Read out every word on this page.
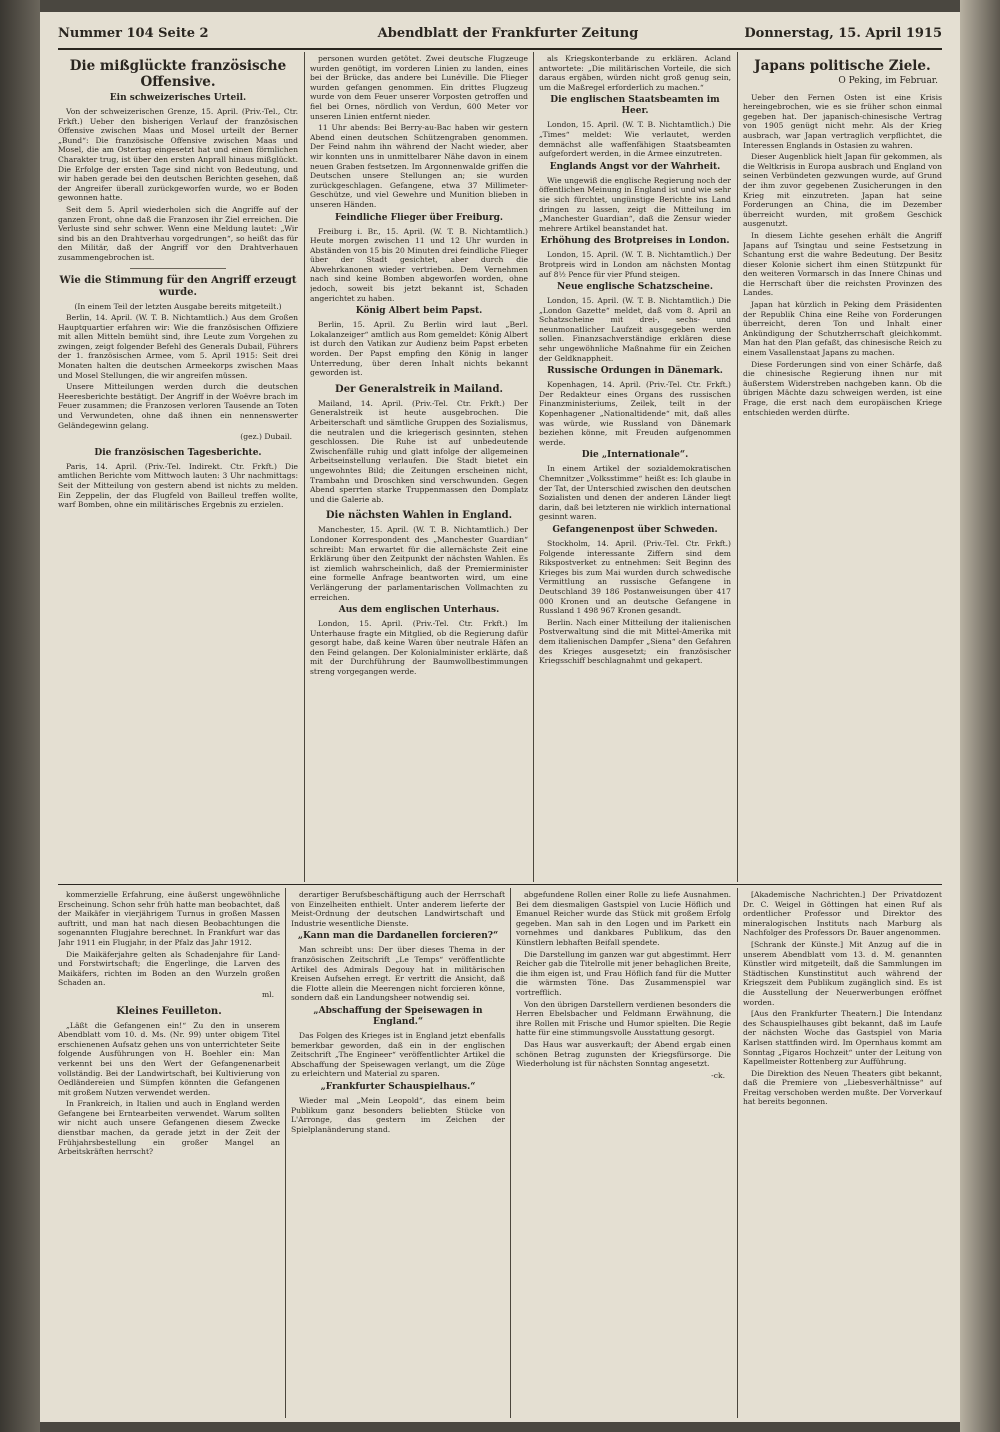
Nummer 104 Seite 2	Abendblatt der Frankfurter Zeitung	Donnerstag, 15. April 1915
Die mißglückte französische Offensive.
Ein schweizerisches Urteil.

Von der schweizerischen Grenze, 15. April. (Priv.-Tel., Ctr. Frkft.) Ueber den bisherigen Verlauf der französischen Offensive zwischen Maas und Mosel urteilt der Berner „Bund“: Die französische Offensive zwischen Maas und Mosel, die am Ostertag eingesetzt hat und einen förmlichen Charakter trug, ist über den ersten Anprall hinaus mißglückt. Die Erfolge der ersten Tage sind nicht von Bedeutung, und wir haben gerade bei den deutschen Berichten gesehen, daß der Angreifer überall zurückgeworfen wurde, wo er Boden gewonnen hatte.

Seit dem 5. April wiederholen sich die Angriffe auf der ganzen Front, ohne daß die Franzosen ihr Ziel erreichen. Die Verluste sind sehr schwer. Wenn eine Meldung lautet: „Wir sind bis an den Drahtverhau vorgedrungen“, so heißt das für den Militär, daß der Angriff vor den Drahtverhauen zusammengebrochen ist.

Wie die Stimmung für den Angriff erzeugt wurde.

(In einem Teil der letzten Ausgabe bereits mitgeteilt.)

Berlin, 14. April. (W. T. B. Nichtamtlich.) Aus dem Großen Hauptquartier erfahren wir: Wie die französischen Offiziere mit allen Mitteln bemüht sind, ihre Leute zum Vorgehen zu zwingen, zeigt folgender Befehl des Generals Dubail, Führers der 1. französischen Armee, vom 5. April 1915: Seit drei Monaten halten die deutschen Armeekorps zwischen Maas und Mosel Stellungen, die wir angreifen müssen.

Unsere Mitteilungen werden durch die deutschen Heeresberichte bestätigt. Der Angriff in der Woëvre brach im Feuer zusammen; die Franzosen verloren Tausende an Toten und Verwundeten, ohne daß ihnen ein nennenswerter Geländegewinn gelang.

(gez.) Dubail.
Die französischen Tagesberichte.

Paris, 14. April. (Priv.-Tel. Indirekt. Ctr. Frkft.) Die amtlichen Berichte vom Mittwoch lauten: 3 Uhr nachmittags: Seit der Mitteilung von gestern abend ist nichts zu melden. Ein Zeppelin, der das Flugfeld von Bailleul treffen wollte, warf Bomben, ohne ein militärisches Ergebnis zu erzielen.

personen wurden getötet. Zwei deutsche Flugzeuge wurden genötigt, im vorderen Linien zu landen, eines bei der Brücke, das andere bei Lunéville. Die Flieger wurden gefangen genommen. Ein drittes Flugzeug wurde von dem Feuer unserer Vorposten getroffen und fiel bei Ornes, nördlich von Verdun, 600 Meter vor unseren Linien entfernt nieder.

11 Uhr abends: Bei Berry-au-Bac haben wir gestern Abend einen deutschen Schützengraben genommen. Der Feind nahm ihn während der Nacht wieder, aber wir konnten uns in unmittelbarer Nähe davon in einem neuen Graben festsetzen. Im Argonnenwalde griffen die Deutschen unsere Stellungen an; sie wurden zurückgeschlagen. Gefangene, etwa 37 Millimeter-Geschütze, und viel Gewehre und Munition blieben in unseren Händen.

Feindliche Flieger über Freiburg.

Freiburg i. Br., 15. April. (W. T. B. Nichtamtlich.) Heute morgen zwischen 11 und 12 Uhr wurden in Abständen von 15 bis 20 Minuten drei feindliche Flieger über der Stadt gesichtet, aber durch die Abwehrkanonen wieder vertrieben. Dem Vernehmen nach sind keine Bomben abgeworfen worden, ohne jedoch, soweit bis jetzt bekannt ist, Schaden angerichtet zu haben.

König Albert beim Papst.

Berlin, 15. April. Zu Berlin wird laut „Berl. Lokalanzeiger“ amtlich aus Rom gemeldet: König Albert ist durch den Vatikan zur Audienz beim Papst erbeten worden. Der Papst empfing den König in langer Unterredung, über deren Inhalt nichts bekannt geworden ist.

Der Generalstreik in Mailand.

Mailand, 14. April. (Priv.-Tel. Ctr. Frkft.) Der Generalstreik ist heute ausgebrochen. Die Arbeiterschaft und sämtliche Gruppen des Sozialismus, die neutralen und die kriegerisch gesinnten, stehen geschlossen. Die Ruhe ist auf unbedeutende Zwischenfälle ruhig und glatt infolge der allgemeinen Arbeitseinstellung verlaufen. Die Stadt bietet ein ungewohntes Bild; die Zeitungen erscheinen nicht, Trambahn und Droschken sind verschwunden. Gegen Abend sperrten starke Truppenmassen den Domplatz und die Galerie ab.

Die nächsten Wahlen in England.

Manchester, 15. April. (W. T. B. Nichtamtlich.) Der Londoner Korrespondent des „Manchester Guardian“ schreibt: Man erwartet für die allernächste Zeit eine Erklärung über den Zeitpunkt der nächsten Wahlen. Es ist ziemlich wahrscheinlich, daß der Premierminister eine formelle Anfrage beantworten wird, um eine Verlängerung der parlamentarischen Vollmachten zu erreichen.

Aus dem englischen Unterhaus.

London, 15. April. (Priv.-Tel. Ctr. Frkft.) Im Unterhause fragte ein Mitglied, ob die Regierung dafür gesorgt habe, daß keine Waren über neutrale Häfen an den Feind gelangen. Der Kolonialminister erklärte, daß mit der Durchführung der Baumwollbestimmungen streng vorgegangen werde.

als Kriegskonterbande zu erklären. Acland antwortete: „Die militärischen Vorteile, die sich daraus ergäben, würden nicht groß genug sein, um die Maßregel erforderlich zu machen.“

Die englischen Staatsbeamten im Heer.

London, 15. April. (W. T. B. Nichtamtlich.) Die „Times“ meldet: Wie verlautet, werden demnächst alle waffenfähigen Staatsbeamten aufgefordert werden, in die Armee einzutreten.

Englands Angst vor der Wahrheit.

Wie ungewiß die englische Regierung noch der öffentlichen Meinung in England ist und wie sehr sie sich fürchtet, ungünstige Berichte ins Land dringen zu lassen, zeigt die Mitteilung im „Manchester Guardian“, daß die Zensur wieder mehrere Artikel beanstandet hat.

Erhöhung des Brotpreises in London.

London, 15. April. (W. T. B. Nichtamtlich.) Der Brotpreis wird in London am nächsten Montag auf 8½ Pence für vier Pfund steigen.

Neue englische Schatzscheine.

London, 15. April. (W. T. B. Nichtamtlich.) Die „London Gazette“ meldet, daß vom 8. April an Schatzscheine mit drei-, sechs- und neunmonatlicher Laufzeit ausgegeben werden sollen. Finanzsachverständige erklären diese sehr ungewöhnliche Maßnahme für ein Zeichen der Geldknappheit.

Russische Ordungen in Dänemark.

Kopenhagen, 14. April. (Priv.-Tel. Ctr. Frkft.) Der Redakteur eines Organs des russischen Finanzministeriums, Zeilek, teilt in der Kopenhagener „Nationaltidende“ mit, daß alles was würde, wie Russland von Dänemark beziehen könne, mit Freuden aufgenommen werde.

Die „Internationale“.

In einem Artikel der sozialdemokratischen Chemnitzer „Volksstimme“ heißt es: Ich glaube in der Tat, der Unterschied zwischen den deutschen Sozialisten und denen der anderen Länder liegt darin, daß bei letzteren nie wirklich international gesinnt waren.

Gefangenenpost über Schweden.

Stockholm, 14. April. (Priv.-Tel. Ctr. Frkft.) Folgende interessante Ziffern sind dem Rikspostverket zu entnehmen: Seit Beginn des Krieges bis zum Mai wurden durch schwedische Vermittlung an russische Gefangene in Deutschland 39 186 Postanweisungen über 417 000 Kronen und an deutsche Gefangene in Russland 1 498 967 Kronen gesandt.

Berlin. Nach einer Mitteilung der italienischen Postverwaltung sind die mit Mittel-Amerika mit dem italienischen Dampfer „Siena“ den Gefahren des Krieges ausgesetzt; ein französischer Kriegsschiff beschlagnahmt und gekapert.

Japans politische Ziele.
O Peking, im Februar.

Ueber den Fernen Osten ist eine Krisis hereingebrochen, wie es sie früher schon einmal gegeben hat. Der japanisch-chinesische Vertrag von 1905 genügt nicht mehr. Als der Krieg ausbrach, war Japan vertraglich verpflichtet, die Interessen Englands in Ostasien zu wahren.

Dieser Augenblick hielt Japan für gekommen, als die Weltkrisis in Europa ausbrach und England von seinen Verbündeten gezwungen wurde, auf Grund der ihm zuvor gegebenen Zusicherungen in den Krieg mit einzutreten. Japan hat seine Forderungen an China, die im Dezember überreicht wurden, mit großem Geschick ausgenutzt.

In diesem Lichte gesehen erhält die Angriff Japans auf Tsingtau und seine Festsetzung in Schantung erst die wahre Bedeutung. Der Besitz dieser Kolonie sichert ihm einen Stützpunkt für den weiteren Vormarsch in das Innere Chinas und die Herrschaft über die reichsten Provinzen des Landes.

Japan hat kürzlich in Peking dem Präsidenten der Republik China eine Reihe von Forderungen überreicht, deren Ton und Inhalt einer Ankündigung der Schutzherrschaft gleichkommt. Man hat den Plan gefaßt, das chinesische Reich zu einem Vasallenstaat Japans zu machen.

Diese Forderungen sind von einer Schärfe, daß die chinesische Regierung ihnen nur mit äußerstem Widerstreben nachgeben kann. Ob die übrigen Mächte dazu schweigen werden, ist eine Frage, die erst nach dem europäischen Kriege entschieden werden dürfte.

kommerzielle Erfahrung, eine äußerst ungewöhnliche Erscheinung. Schon sehr früh hatte man beobachtet, daß der Maikäfer in vierjährigem Turnus in großen Massen auftritt, und man hat nach diesen Beobachtungen die sogenannten Flugjahre berechnet. In Frankfurt war das Jahr 1911 ein Flugjahr, in der Pfalz das Jahr 1912.

Die Maikäferjahre gelten als Schadenjahre für Land- und Forstwirtschaft; die Engerlinge, die Larven des Maikäfers, richten im Boden an den Wurzeln großen Schaden an.

ml.
Kleines Feuilleton.

„Läßt die Gefangenen ein!“ Zu den in unserem Abendblatt vom 10. d. Ms. (Nr. 99) unter obigem Titel erschienenen Aufsatz gehen uns von unterrichteter Seite folgende Ausführungen von H. Boehler ein: Man verkennt bei uns den Wert der Gefangenenarbeit vollständig. Bei der Landwirtschaft, bei Kultivierung von Oedländereien und Sümpfen könnten die Gefangenen mit großem Nutzen verwendet werden.

In Frankreich, in Italien und auch in England werden Gefangene bei Erntearbeiten verwendet. Warum sollten wir nicht auch unsere Gefangenen diesem Zwecke dienstbar machen, da gerade jetzt in der Zeit der Frühjahrsbestellung ein großer Mangel an Arbeitskräften herrscht?

derartiger Berufsbeschäftigung auch der Herrschaft von Einzelheiten enthielt. Unter anderem lieferte der Meist-Ordnung der deutschen Landwirtschaft und Industrie wesentliche Dienste.

„Kann man die Dardanellen forcieren?“

Man schreibt uns: Der über dieses Thema in der französischen Zeitschrift „Le Temps“ veröffentlichte Artikel des Admirals Degouy hat in militärischen Kreisen Aufsehen erregt. Er vertritt die Ansicht, daß die Flotte allein die Meerengen nicht forcieren könne, sondern daß ein Landungsheer notwendig sei.

„Abschaffung der Speisewagen in England.“

Das Folgen des Krieges ist in England jetzt ebenfalls bemerkbar geworden, daß ein in der englischen Zeitschrift „The Engineer“ veröffentlichter Artikel die Abschaffung der Speisewagen verlangt, um die Züge zu erleichtern und Material zu sparen.

„Frankfurter Schauspielhaus.“

Wieder mal „Mein Leopold“, das einem beim Publikum ganz besonders beliebten Stücke von L'Arronge, das gestern im Zeichen der Spielplanänderung stand.

abgefundene Rollen einer Rolle zu liefe Ausnahmen. Bei dem diesmaligen Gastspiel von Lucie Höflich und Emanuel Reicher wurde das Stück mit großem Erfolg gegeben. Man sah in den Logen und im Parkett ein vornehmes und dankbares Publikum, das den Künstlern lebhaften Beifall spendete.

Die Darstellung im ganzen war gut abgestimmt. Herr Reicher gab die Titelrolle mit jener behaglichen Breite, die ihm eigen ist, und Frau Höflich fand für die Mutter die wärmsten Töne. Das Zusammenspiel war vortrefflich.

Von den übrigen Darstellern verdienen besonders die Herren Ebelsbacher und Feldmann Erwähnung, die ihre Rollen mit Frische und Humor spielten. Die Regie hatte für eine stimmungsvolle Ausstattung gesorgt.

Das Haus war ausverkauft; der Abend ergab einen schönen Betrag zugunsten der Kriegsfürsorge. Die Wiederholung ist für nächsten Sonntag angesetzt.

-ck.

[Akademische Nachrichten.] Der Privatdozent Dr. C. Weigel in Göttingen hat einen Ruf als ordentlicher Professor und Direktor des mineralogischen Instituts nach Marburg als Nachfolger des Professors Dr. Bauer angenommen.

[Schrank der Künste.] Mit Anzug auf die in unserem Abendblatt vom 13. d. M. genannten Künstler wird mitgeteilt, daß die Sammlungen im Städtischen Kunstinstitut auch während der Kriegszeit dem Publikum zugänglich sind. Es ist die Ausstellung der Neuerwerbungen eröffnet worden.

[Aus den Frankfurter Theatern.] Die Intendanz des Schauspielhauses gibt bekannt, daß im Laufe der nächsten Woche das Gastspiel von Maria Karlsen stattfinden wird. Im Opernhaus kommt am Sonntag „Figaros Hochzeit“ unter der Leitung von Kapellmeister Rottenberg zur Aufführung.

Die Direktion des Neuen Theaters gibt bekannt, daß die Premiere von „Liebesverhältnisse“ auf Freitag verschoben werden mußte. Der Vorverkauf hat bereits begonnen.
